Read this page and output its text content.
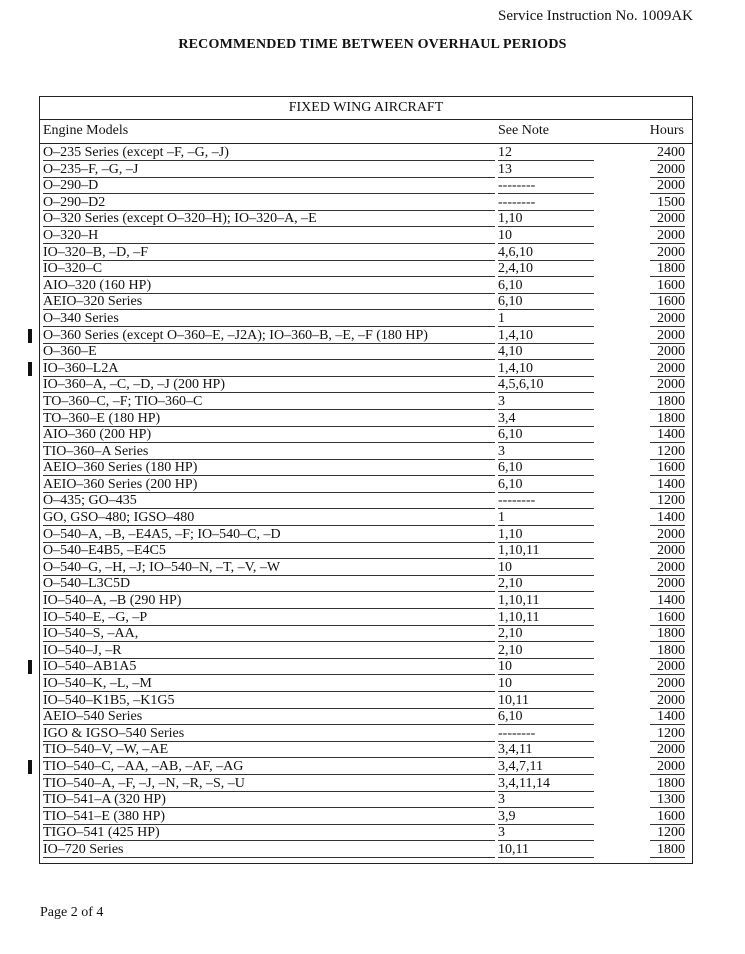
Service Instruction No. 1009AK
RECOMMENDED TIME BETWEEN OVERHAUL PERIODS
FIXED WING AIRCRAFT
Engine Models	See Note	Hours
O–235 Series (except –F, –G, –J)	12	2400
O–235–F, –G, –J	13	2000
O–290–D	--------	2000
O–290–D2	--------	1500
O–320 Series (except O–320–H); IO–320–A, –E	1,10	2000
O–320–H	10	2000
IO–320–B, –D, –F	4,6,10	2000
IO–320–C	2,4,10	1800
AIO–320 (160 HP)	6,10	1600
AEIO–320 Series	6,10	1600
O–340 Series	1	2000
O–360 Series (except O–360–E, –J2A); IO–360–B, –E, –F (180 HP)	1,4,10	2000
O–360–E	4,10	2000
IO–360–L2A	1,4,10	2000
IO–360–A, –C, –D, –J (200 HP)	4,5,6,10	2000
TO–360–C, –F; TIO–360–C	3	1800
TO–360–E (180 HP)	3,4	1800
AIO–360 (200 HP)	6,10	1400
TIO–360–A Series	3	1200
AEIO–360 Series (180 HP)	6,10	1600
AEIO–360 Series (200 HP)	6,10	1400
O–435; GO–435	--------	1200
GO, GSO–480; IGSO–480	1	1400
O–540–A, –B, –E4A5, –F; IO–540–C, –D	1,10	2000
O–540–E4B5, –E4C5	1,10,11	2000
O–540–G, –H, –J; IO–540–N, –T, –V, –W	10	2000
O–540–L3C5D	2,10	2000
IO–540–A, –B (290 HP)	1,10,11	1400
IO–540–E, –G, –P	1,10,11	1600
IO–540–S, –AA,	2,10	1800
IO–540–J, –R	2,10	1800
IO–540–AB1A5	10	2000
IO–540–K, –L, –M	10	2000
IO–540–K1B5, –K1G5	10,11	2000
AEIO–540 Series	6,10	1400
IGO & IGSO–540 Series	--------	1200
TIO–540–V, –W, –AE	3,4,11	2000
TIO–540–C, –AA, –AB, –AF, –AG	3,4,7,11	2000
TIO–540–A, –F, –J, –N, –R, –S, –U	3,4,11,14	1800
TIO–541–A (320 HP)	3	1300
TIO–541–E (380 HP)	3,9	1600
TIGO–541 (425 HP)	3	1200
IO–720 Series	10,11	1800
Page 2 of 4
